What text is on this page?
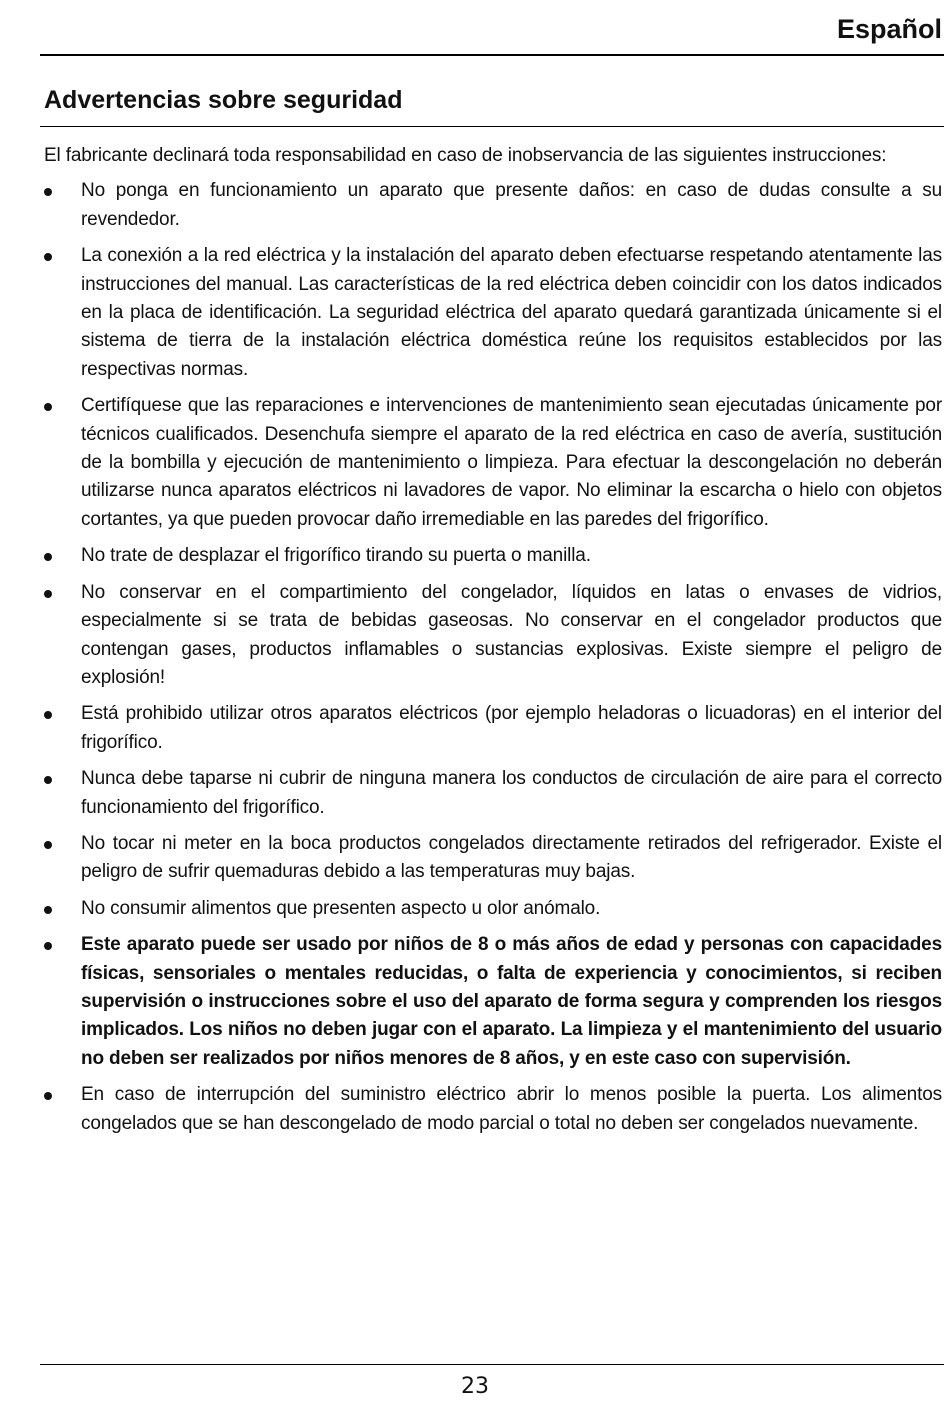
Español
Advertencias sobre seguridad

El fabricante declinará toda responsabilidad en caso de inobservancia de las siguientes instrucciones:

No ponga en funcionamiento un aparato que presente daños: en caso de dudas consulte a su revendedor.
La conexión a la red eléctrica y la instalación del aparato deben efectuarse respetando atentamente las instrucciones del manual. Las características de la red eléctrica deben coincidir con los datos indicados en la placa de identificación. La seguridad eléctrica del aparato quedará garantizada únicamente si el sistema de tierra de la instalación eléctrica doméstica reúne los requisitos establecidos por las respectivas normas.
Certifíquese que las reparaciones e intervenciones de mantenimiento sean ejecutadas únicamente por técnicos cualificados. Desenchufa siempre el aparato de la red eléctrica en caso de avería, sustitución de la bombilla y ejecución de mantenimiento o limpieza. Para efectuar la descongelación no deberán utilizarse nunca aparatos eléctricos ni lavadores de vapor. No eliminar la escarcha o hielo con objetos cortantes, ya que pueden provocar daño irremediable en las paredes del frigorífico.
No trate de desplazar el frigorífico tirando su puerta o manilla.
No conservar en el compartimiento del congelador, líquidos en latas o envases de vidrios, especialmente si se trata de bebidas gaseosas. No conservar en el congelador productos que contengan gases, productos inflamables o sustancias explosivas. Existe siempre el peligro de explosión!
Está prohibido utilizar otros aparatos eléctricos (por ejemplo heladoras o licuadoras) en el interior del frigorífico.
Nunca debe taparse ni cubrir de ninguna manera los conductos de circulación de aire para el correcto funcionamiento del frigorífico.
No tocar ni meter en la boca productos congelados directamente retirados del refrigerador. Existe el peligro de sufrir quemaduras debido a las temperaturas muy bajas.
No consumir alimentos que presenten aspecto u olor anómalo.
Este aparato puede ser usado por niños de 8 o más años de edad y personas con capacidades físicas, sensoriales o mentales reducidas, o falta de experiencia y conocimientos, si reciben supervisión o instrucciones sobre el uso del aparato de forma segura y comprenden los riesgos implicados. Los niños no deben jugar con el aparato. La limpieza y el mantenimiento del usuario no deben ser realizados por niños menores de 8 años, y en este caso con supervisión.
En caso de interrupción del suministro eléctrico abrir lo menos posible la puerta. Los alimentos congelados que se han descongelado de modo parcial o total no deben ser congelados nuevamente.
23
